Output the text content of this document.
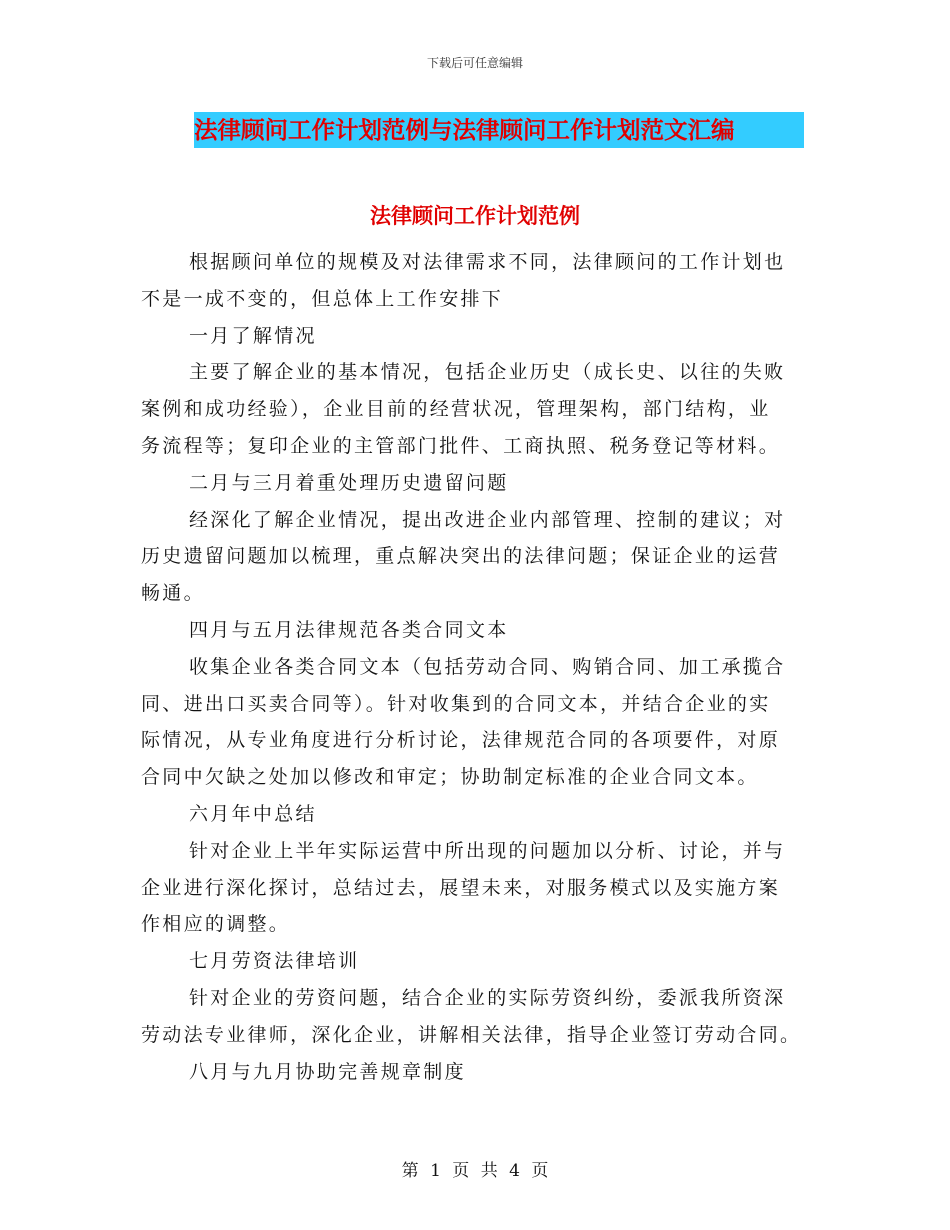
下载后可任意编辑
法律顾问工作计划范例与法律顾问工作计划范文汇编
法律顾问工作计划范例

根据顾问单位的规模及对法律需求不同，法律顾问的工作计划也

不是一成不变的，但总体上工作安排下

一月了解情况

主要了解企业的基本情况，包括企业历史（成长史、以往的失败

案例和成功经验），企业目前的经营状况，管理架构，部门结构，业

务流程等；复印企业的主管部门批件、工商执照、税务登记等材料。

二月与三月着重处理历史遗留问题

经深化了解企业情况，提出改进企业内部管理、控制的建议；对

历史遗留问题加以梳理，重点解决突出的法律问题；保证企业的运营

畅通。

四月与五月法律规范各类合同文本

收集企业各类合同文本（包括劳动合同、购销合同、加工承揽合

同、进出口买卖合同等）。针对收集到的合同文本，并结合企业的实

际情况，从专业角度进行分析讨论，法律规范合同的各项要件，对原

合同中欠缺之处加以修改和审定；协助制定标准的企业合同文本。

六月年中总结

针对企业上半年实际运营中所出现的问题加以分析、讨论，并与

企业进行深化探讨，总结过去，展望未来，对服务模式以及实施方案

作相应的调整。

七月劳资法律培训

针对企业的劳资问题，结合企业的实际劳资纠纷，委派我所资深

劳动法专业律师，深化企业，讲解相关法律，指导企业签订劳动合同。

八月与九月协助完善规章制度

第 1 页 共 4 页
